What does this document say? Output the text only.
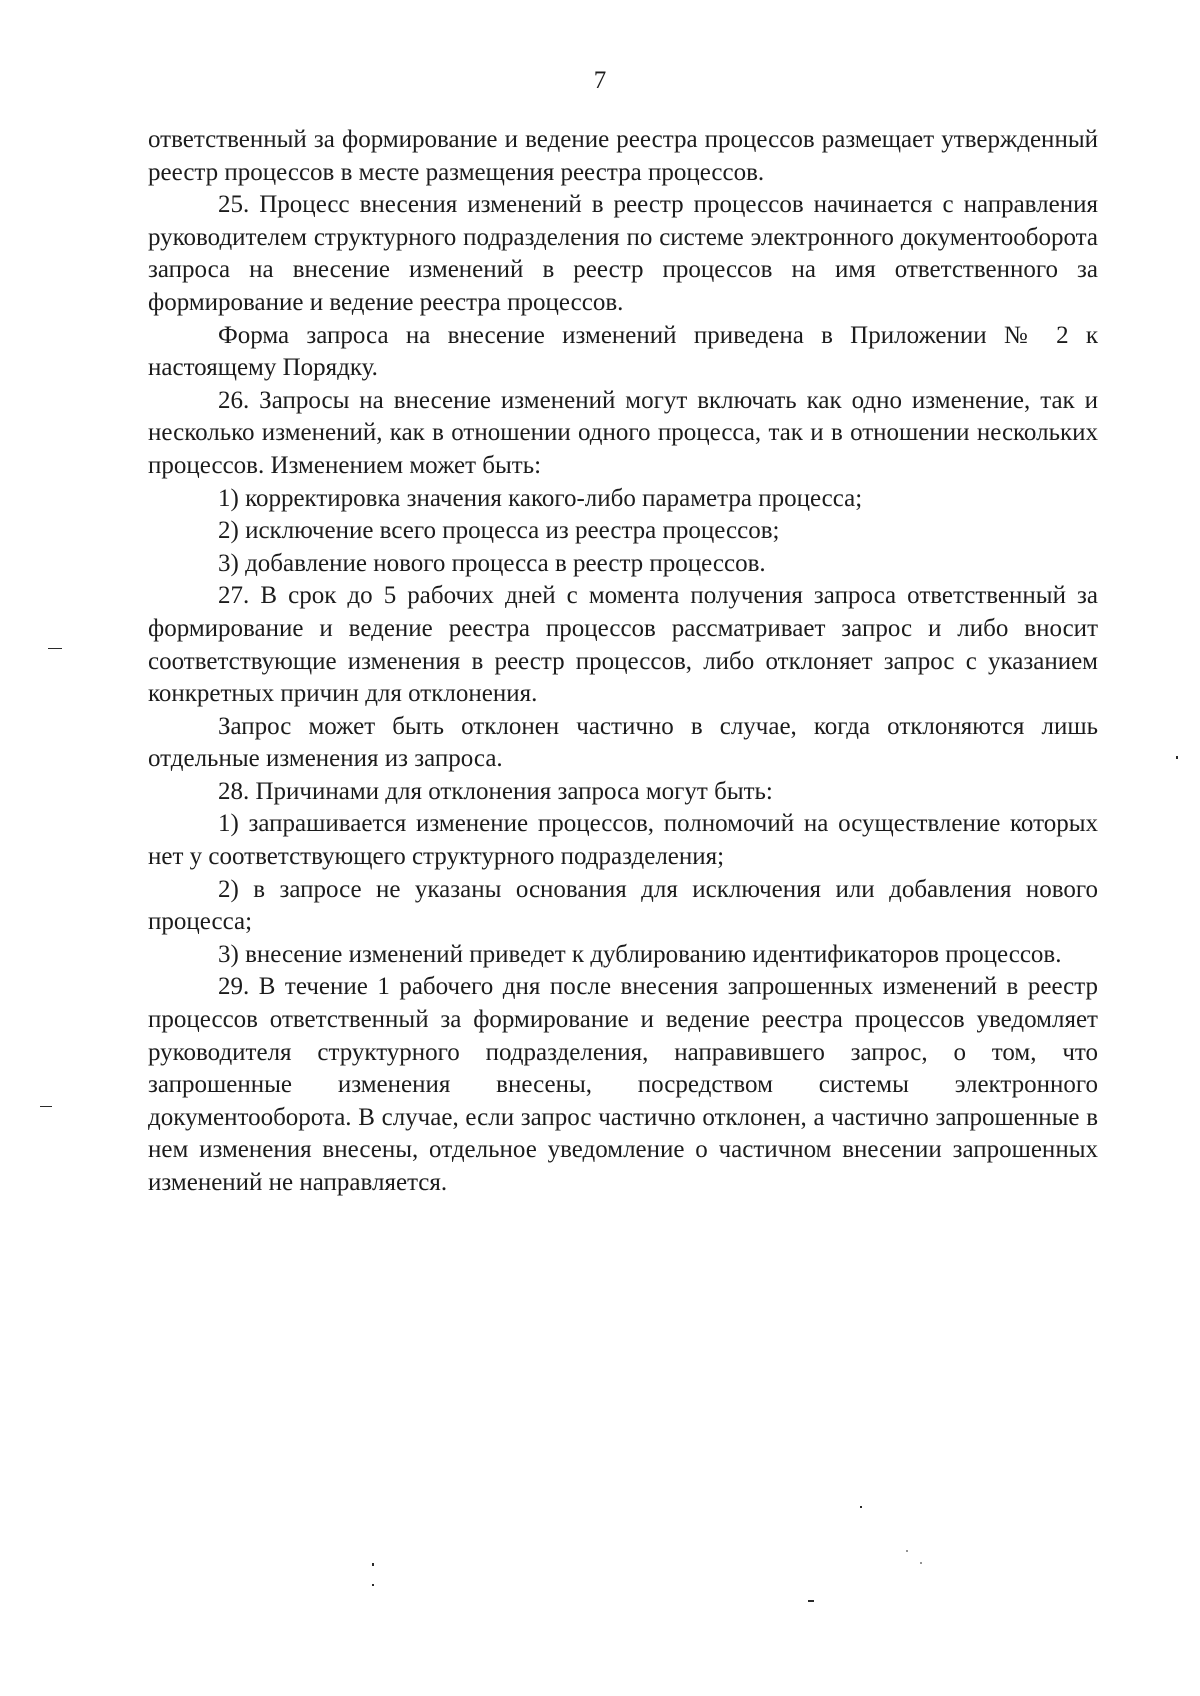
7

ответственный за формирование и ведение реестра процессов размещает утвержденный реестр процессов в месте размещения реестра процессов.

25. Процесс внесения изменений в реестр процессов начинается с направления руководителем структурного подразделения по системе электронного документооборота запроса на внесение изменений в реестр процессов на имя ответственного за формирование и ведение реестра процессов.

Форма запроса на внесение изменений приведена в Приложении № 2 к настоящему Порядку.

26. Запросы на внесение изменений могут включать как одно изменение, так и несколько изменений, как в отношении одного процесса, так и в отношении нескольких процессов. Изменением может быть:

1) корректировка значения какого-либо параметра процесса;

2) исключение всего процесса из реестра процессов;

3) добавление нового процесса в реестр процессов.

27. В срок до 5 рабочих дней с момента получения запроса ответственный за формирование и ведение реестра процессов рассматривает запрос и либо вносит соответствующие изменения в реестр процессов, либо отклоняет запрос с указанием конкретных причин для отклонения.

Запрос может быть отклонен частично в случае, когда отклоняются лишь отдельные изменения из запроса.

28. Причинами для отклонения запроса могут быть:

1) запрашивается изменение процессов, полномочий на осуществление которых нет у соответствующего структурного подразделения;

2) в запросе не указаны основания для исключения или добавления нового процесса;

3) внесение изменений приведет к дублированию идентификаторов процессов.

29. В течение 1 рабочего дня после внесения запрошенных изменений в реестр процессов ответственный за формирование и ведение реестра процессов уведомляет руководителя структурного подразделения, направившего запрос, о том, что запрошенные изменения внесены, посредством системы электронного документооборота. В случае, если запрос частично отклонен, а частично запрошенные в нем изменения внесены, отдельное уведомление о частичном внесении запрошенных изменений не направляется.
